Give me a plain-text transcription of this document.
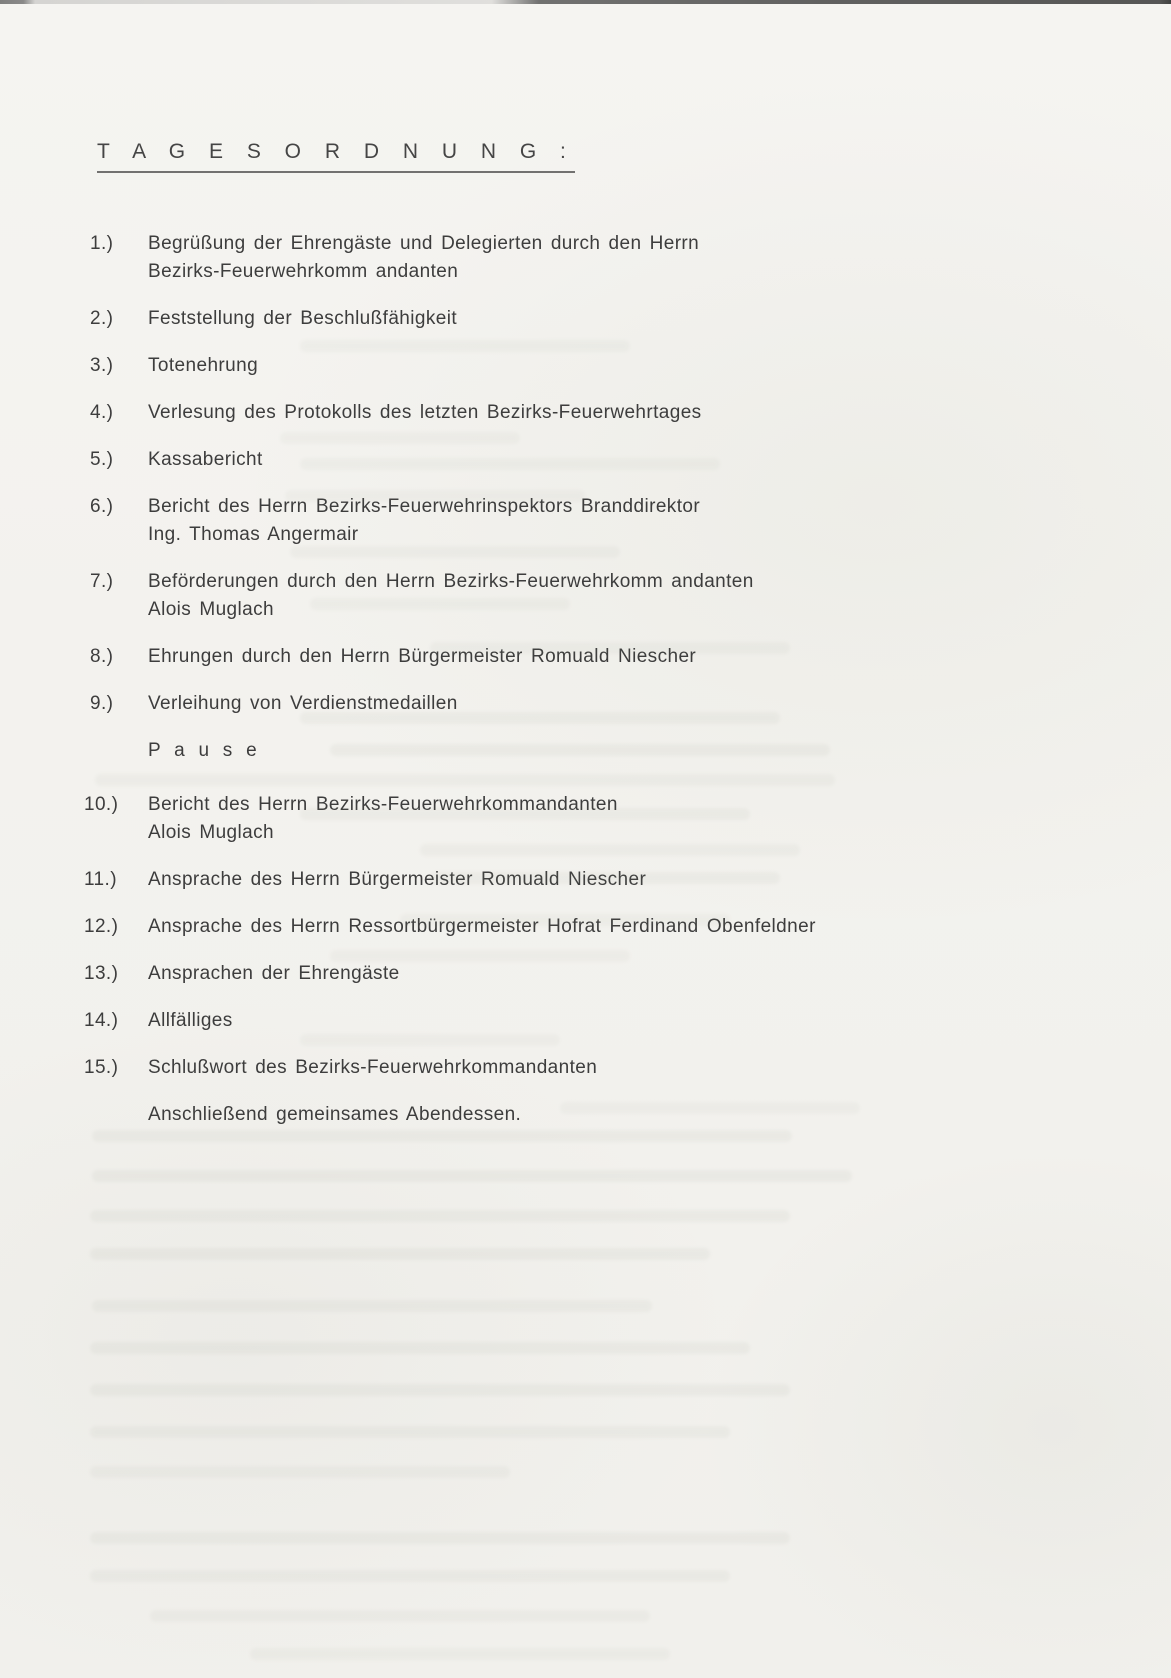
T A G E S O R D N U N G :
1.)	Begrüßung der Ehrengäste und Delegierten durch den Herrn
Bezirks-Feuerwehrkomm andanten
2.)	Feststellung der Beschlußfähigkeit
3.)	Totenehrung
4.)	Verlesung des Protokolls des letzten Bezirks-Feuerwehrtages
5.)	Kassabericht
6.)	Bericht des Herrn Bezirks-Feuerwehrinspektors Branddirektor
Ing. Thomas Angermair
7.)	Beförderungen durch den Herrn Bezirks-Feuerwehrkomm andanten
Alois Muglach
8.)	Ehrungen durch den Herrn Bürgermeister Romuald Niescher
9.)	Verleihung von Verdienstmedaillen
P a u s e
10.)	Bericht des Herrn Bezirks-Feuerwehrkommandanten
Alois Muglach
11.)	Ansprache des Herrn Bürgermeister Romuald Niescher
12.)	Ansprache des Herrn Ressortbürgermeister Hofrat Ferdinand Obenfeldner
13.)	Ansprachen der Ehrengäste
14.)	Allfälliges
15.)	Schlußwort des Bezirks-Feuerwehrkommandanten
Anschließend gemeinsames Abendessen.
